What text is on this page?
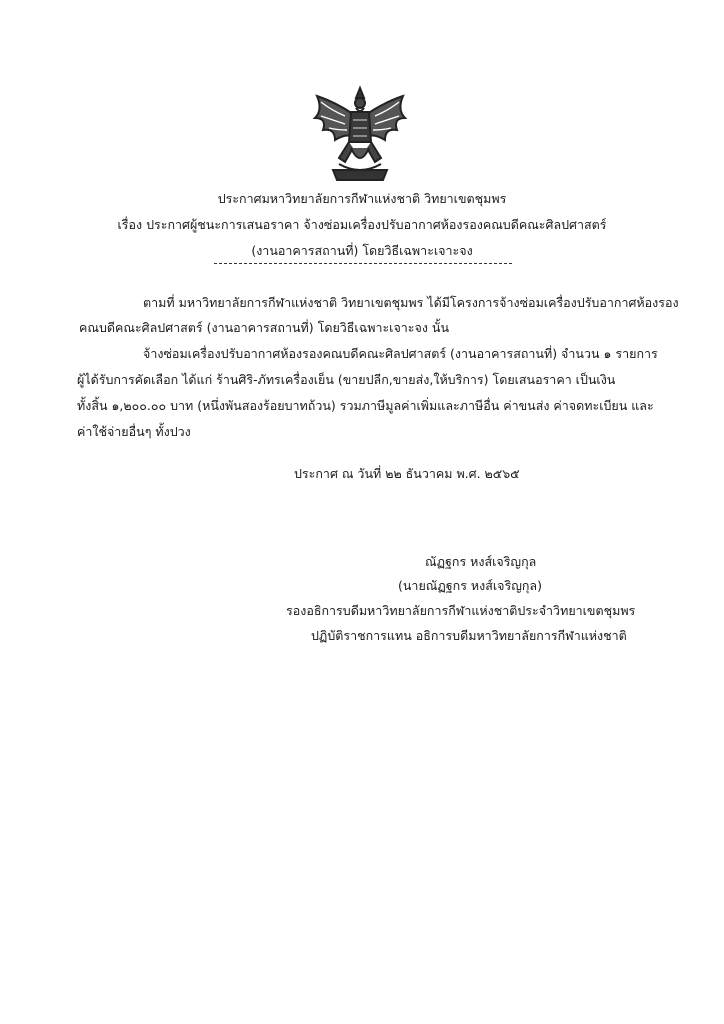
ประกาศมหาวิทยาลัยการกีฬาแห่งชาติ วิทยาเขตชุมพร
เรื่อง ประกาศผู้ชนะการเสนอราคา จ้างซ่อมเครื่องปรับอากาศห้องรองคณบดีคณะศิลปศาสตร์
(งานอาคารสถานที่) โดยวิธีเฉพาะเจาะจง
ตามที่ มหาวิทยาลัยการกีฬาแห่งชาติ วิทยาเขตชุมพร ได้มีโครงการจ้างซ่อมเครื่องปรับอากาศห้องรอง
คณบดีคณะศิลปศาสตร์ (งานอาคารสถานที่) โดยวิธีเฉพาะเจาะจง นั้น
จ้างซ่อมเครื่องปรับอากาศห้องรองคณบดีคณะศิลปศาสตร์ (งานอาคารสถานที่) จำนวน ๑ รายการ
ผู้ได้รับการคัดเลือก ได้แก่ ร้านศิริ-ภัทรเครื่องเย็น (ขายปลีก,ขายส่ง,ให้บริการ) โดยเสนอราคา เป็นเงิน
ทั้งสิ้น ๑,๒๐๐.๐๐ บาท (หนึ่งพันสองร้อยบาทถ้วน) รวมภาษีมูลค่าเพิ่มและภาษีอื่น ค่าขนส่ง ค่าจดทะเบียน และ
ค่าใช้จ่ายอื่นๆ ทั้งปวง
ประกาศ ณ วันที่ ๒๒ ธันวาคม พ.ศ. ๒๕๖๕
ณัฏฐกร หงส์เจริญกุล
(นายณัฏฐกร หงส์เจริญกุล)
รองอธิการบดีมหาวิทยาลัยการกีฬาแห่งชาติประจำวิทยาเขตชุมพร
ปฏิบัติราชการแทน อธิการบดีมหาวิทยาลัยการกีฬาแห่งชาติ
